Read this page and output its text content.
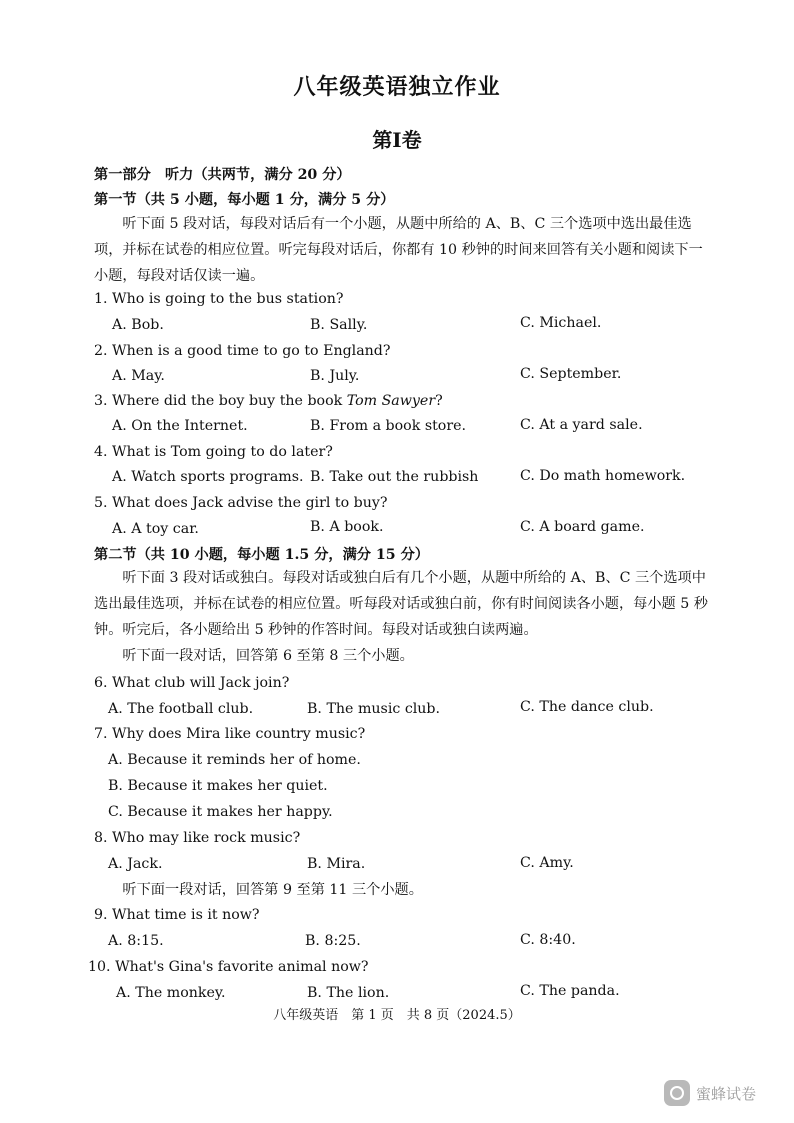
八年级英语独立作业
第Ⅰ卷
第一部分　听力（共两节，满分 20 分）
第一节（共 5 小题，每小题 1 分，满分 5 分）
听下面 5 段对话，每段对话后有一个小题，从题中所给的 A、B、C 三个选项中选出最佳选项，并标在试卷的相应位置。听完每段对话后，你都有 10 秒钟的时间来回答有关小题和阅读下一小题，每段对话仅读一遍。
1. Who is going to the bus station?
A. Bob.	B. Sally.	C. Michael.
2. When is a good time to go to England?
A. May.	B. July.	C. September.
3. Where did the boy buy the book Tom Sawyer?
A. On the Internet.	B. From a book store.	C. At a yard sale.
4. What is Tom going to do later?
A. Watch sports programs. B. Take out the rubbish	C. Do math homework.
5. What does Jack advise the girl to buy?
A. A toy car.	B. A book.	C. A board game.
第二节（共 10 小题，每小题 1.5 分，满分 15 分）
听下面 3 段对话或独白。每段对话或独白后有几个小题，从题中所给的 A、B、C 三个选项中选出最佳选项，并标在试卷的相应位置。听每段对话或独白前，你有时间阅读各小题，每小题 5 秒钟。听完后，各小题给出 5 秒钟的作答时间。每段对话或独白读两遍。
听下面一段对话，回答第 6 至第 8 三个小题。
6. What club will Jack join?
A. The football club.	B. The music club.	C. The dance club.
7. Why does Mira like country music?
A. Because it reminds her of home.
B. Because it makes her quiet.
C. Because it makes her happy.
8. Who may like rock music?
A. Jack.	B. Mira.	C. Amy.
听下面一段对话，回答第 9 至第 11 三个小题。
9. What time is it now?
A. 8:15.	B. 8:25.	C. 8:40.
10. What's Gina's favorite animal now?
A. The monkey.	B. The lion.	C. The panda.
八年级英语　第 1 页　共 8 页（2024.5）
蜜蜂试卷
